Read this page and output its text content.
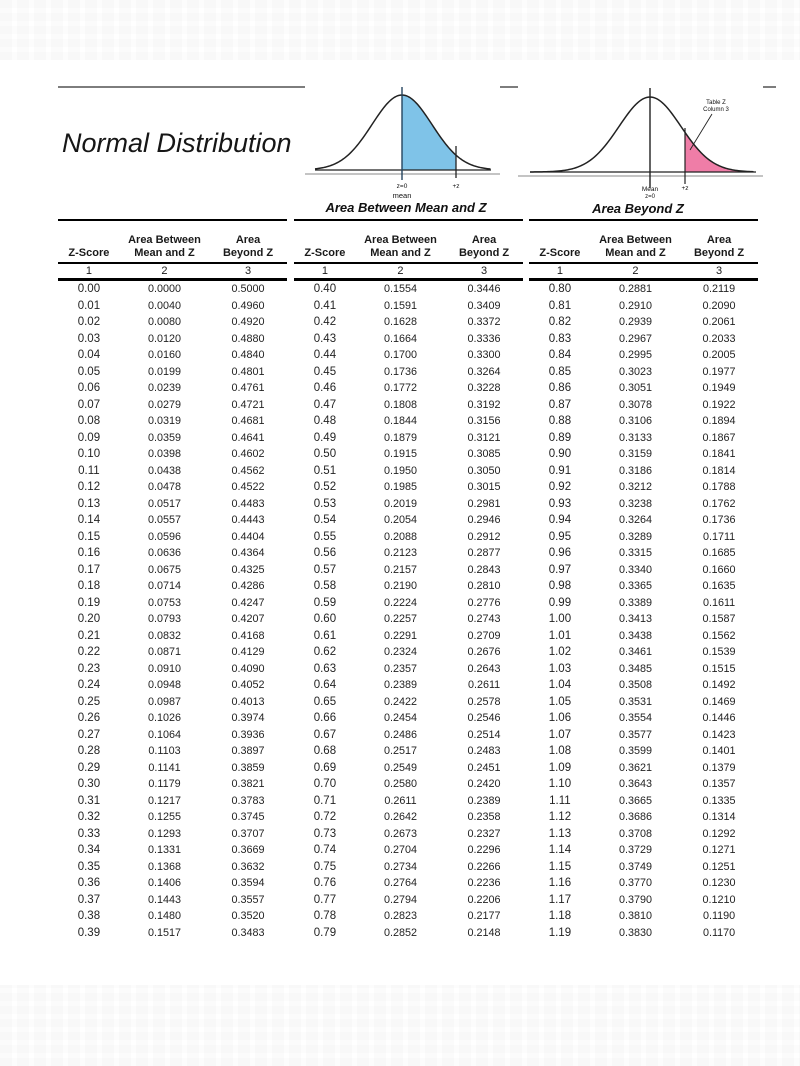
Normal Distribution
z=0
mean
+z
Table Z
Column 3
Mean
z=0
+z
Area Between Mean and Z	Area Beyond Z
Z-Score
Area Between
Mean and Z
Area
Beyond Z
1	2	3
0.00	0.0000	0.5000
0.01	0.0040	0.4960
0.02	0.0080	0.4920
0.03	0.0120	0.4880
0.04	0.0160	0.4840
0.05	0.0199	0.4801
0.06	0.0239	0.4761
0.07	0.0279	0.4721
0.08	0.0319	0.4681
0.09	0.0359	0.4641
0.10	0.0398	0.4602
0.11	0.0438	0.4562
0.12	0.0478	0.4522
0.13	0.0517	0.4483
0.14	0.0557	0.4443
0.15	0.0596	0.4404
0.16	0.0636	0.4364
0.17	0.0675	0.4325
0.18	0.0714	0.4286
0.19	0.0753	0.4247
0.20	0.0793	0.4207
0.21	0.0832	0.4168
0.22	0.0871	0.4129
0.23	0.0910	0.4090
0.24	0.0948	0.4052
0.25	0.0987	0.4013
0.26	0.1026	0.3974
0.27	0.1064	0.3936
0.28	0.1103	0.3897
0.29	0.1141	0.3859
0.30	0.1179	0.3821
0.31	0.1217	0.3783
0.32	0.1255	0.3745
0.33	0.1293	0.3707
0.34	0.1331	0.3669
0.35	0.1368	0.3632
0.36	0.1406	0.3594
0.37	0.1443	0.3557
0.38	0.1480	0.3520
0.39	0.1517	0.3483
Z-Score
Area Between
Mean and Z
Area
Beyond Z
1	2	3
0.40	0.1554	0.3446
0.41	0.1591	0.3409
0.42	0.1628	0.3372
0.43	0.1664	0.3336
0.44	0.1700	0.3300
0.45	0.1736	0.3264
0.46	0.1772	0.3228
0.47	0.1808	0.3192
0.48	0.1844	0.3156
0.49	0.1879	0.3121
0.50	0.1915	0.3085
0.51	0.1950	0.3050
0.52	0.1985	0.3015
0.53	0.2019	0.2981
0.54	0.2054	0.2946
0.55	0.2088	0.2912
0.56	0.2123	0.2877
0.57	0.2157	0.2843
0.58	0.2190	0.2810
0.59	0.2224	0.2776
0.60	0.2257	0.2743
0.61	0.2291	0.2709
0.62	0.2324	0.2676
0.63	0.2357	0.2643
0.64	0.2389	0.2611
0.65	0.2422	0.2578
0.66	0.2454	0.2546
0.67	0.2486	0.2514
0.68	0.2517	0.2483
0.69	0.2549	0.2451
0.70	0.2580	0.2420
0.71	0.2611	0.2389
0.72	0.2642	0.2358
0.73	0.2673	0.2327
0.74	0.2704	0.2296
0.75	0.2734	0.2266
0.76	0.2764	0.2236
0.77	0.2794	0.2206
0.78	0.2823	0.2177
0.79	0.2852	0.2148
Z-Score
Area Between
Mean and Z
Area
Beyond Z
1	2	3
0.80	0.2881	0.2119
0.81	0.2910	0.2090
0.82	0.2939	0.2061
0.83	0.2967	0.2033
0.84	0.2995	0.2005
0.85	0.3023	0.1977
0.86	0.3051	0.1949
0.87	0.3078	0.1922
0.88	0.3106	0.1894
0.89	0.3133	0.1867
0.90	0.3159	0.1841
0.91	0.3186	0.1814
0.92	0.3212	0.1788
0.93	0.3238	0.1762
0.94	0.3264	0.1736
0.95	0.3289	0.1711
0.96	0.3315	0.1685
0.97	0.3340	0.1660
0.98	0.3365	0.1635
0.99	0.3389	0.1611
1.00	0.3413	0.1587
1.01	0.3438	0.1562
1.02	0.3461	0.1539
1.03	0.3485	0.1515
1.04	0.3508	0.1492
1.05	0.3531	0.1469
1.06	0.3554	0.1446
1.07	0.3577	0.1423
1.08	0.3599	0.1401
1.09	0.3621	0.1379
1.10	0.3643	0.1357
1.11	0.3665	0.1335
1.12	0.3686	0.1314
1.13	0.3708	0.1292
1.14	0.3729	0.1271
1.15	0.3749	0.1251
1.16	0.3770	0.1230
1.17	0.3790	0.1210
1.18	0.3810	0.1190
1.19	0.3830	0.1170
